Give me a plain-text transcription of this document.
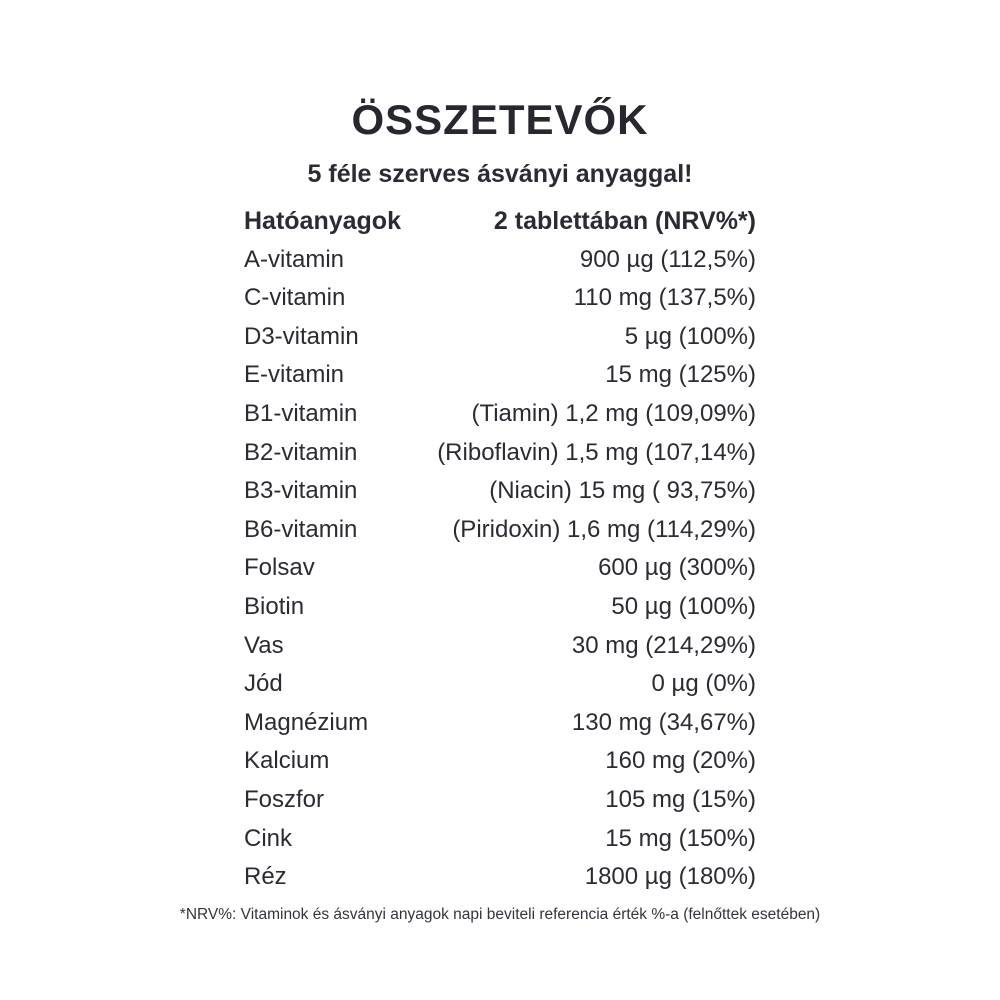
ÖSSZETEVŐK
5 féle szerves ásványi anyaggal!
Hatóanyagok	2 tablettában (NRV%*)
A-vitamin	900 µg (112,5%)
C-vitamin	110 mg (137,5%)
D3-vitamin	5 µg (100%)
E-vitamin	15 mg (125%)
B1-vitamin	(Tiamin) 1,2 mg (109,09%)
B2-vitamin	(Riboflavin) 1,5 mg (107,14%)
B3-vitamin	(Niacin) 15 mg ( 93,75%)
B6-vitamin	(Piridoxin) 1,6 mg (114,29%)
Folsav	600 µg (300%)
Biotin	50 µg (100%)
Vas	30 mg (214,29%)
Jód	0 µg (0%)
Magnézium	130 mg (34,67%)
Kalcium	160 mg (20%)
Foszfor	105 mg (15%)
Cink	15 mg (150%)
Réz	1800 µg (180%)
*NRV%: Vitaminok és ásványi anyagok napi beviteli referencia érték %-a (felnőttek esetében)
